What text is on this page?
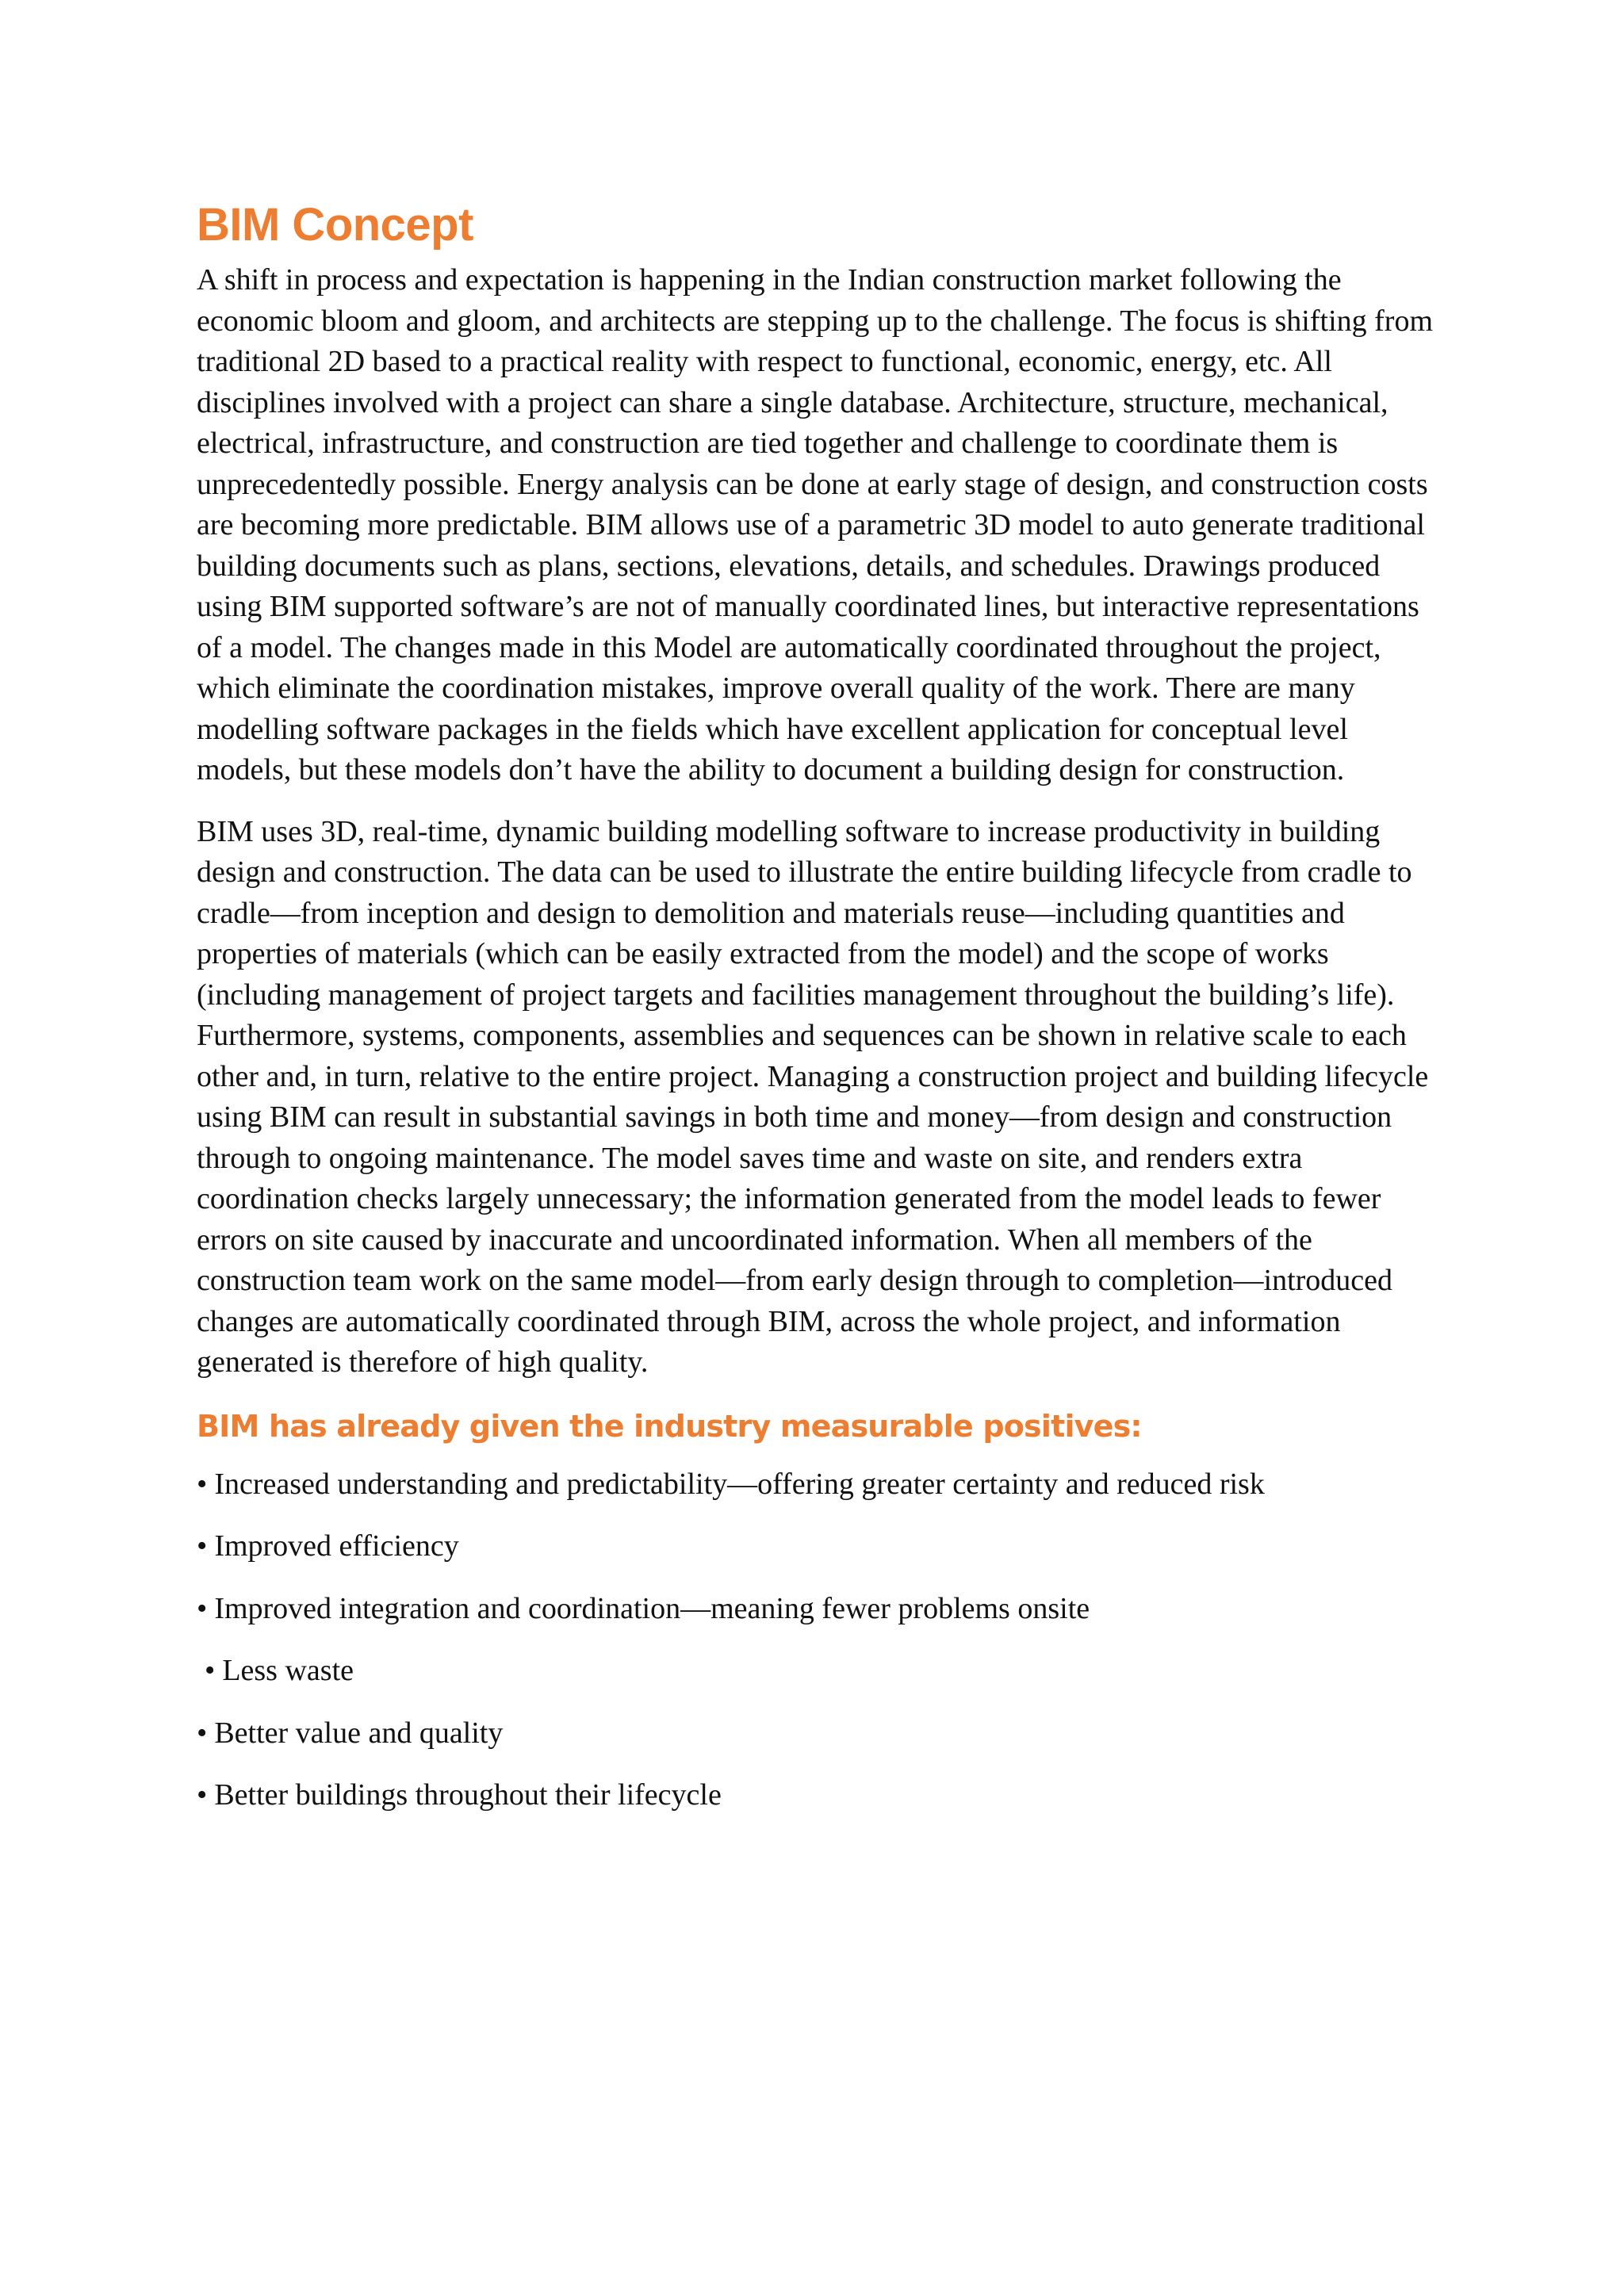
BIM Concept

A shift in process and expectation is happening in the Indian construction market following the economic bloom and gloom, and architects are stepping up to the challenge. The focus is shifting from traditional 2D based to a practical reality with respect to functional, economic, energy, etc. All disciplines involved with a project can share a single database. Architecture, structure, mechanical, electrical, infrastructure, and construction are tied together and challenge to coordinate them is unprecedentedly possible. Energy analysis can be done at early stage of design, and construction costs are becoming more predictable. BIM allows use of a parametric 3D model to auto generate traditional building documents such as plans, sections, elevations, details, and schedules. Drawings produced using BIM supported software’s are not of manually coordinated lines, but interactive representations of a model. The changes made in this Model are automatically coordinated throughout the project, which eliminate the coordination mistakes, improve overall quality of the work. There are many modelling software packages in the fields which have excellent application for conceptual level models, but these models don’t have the ability to document a building design for construction.

BIM uses 3D, real-time, dynamic building modelling software to increase productivity in building design and construction. The data can be used to illustrate the entire building lifecycle from cradle to cradle—from inception and design to demolition and materials reuse—including quantities and properties of materials (which can be easily extracted from the model) and the scope of works (including management of project targets and facilities management throughout the building’s life). Furthermore, systems, components, assemblies and sequences can be shown in relative scale to each other and, in turn, relative to the entire project. Managing a construction project and building lifecycle using BIM can result in substantial savings in both time and money—from design and construction through to ongoing maintenance. The model saves time and waste on site, and renders extra coordination checks largely unnecessary; the information generated from the model leads to fewer errors on site caused by inaccurate and uncoordinated information. When all members of the construction team work on the same model—from early design through to completion—introduced changes are automatically coordinated through BIM, across the whole project, and information generated is therefore of high quality.

BIM has already given the industry measurable positives:
• Increased understanding and predictability—offering greater certainty and reduced risk
• Improved efficiency
• Improved integration and coordination—meaning fewer problems onsite
• Less waste
• Better value and quality
• Better buildings throughout their lifecycle
